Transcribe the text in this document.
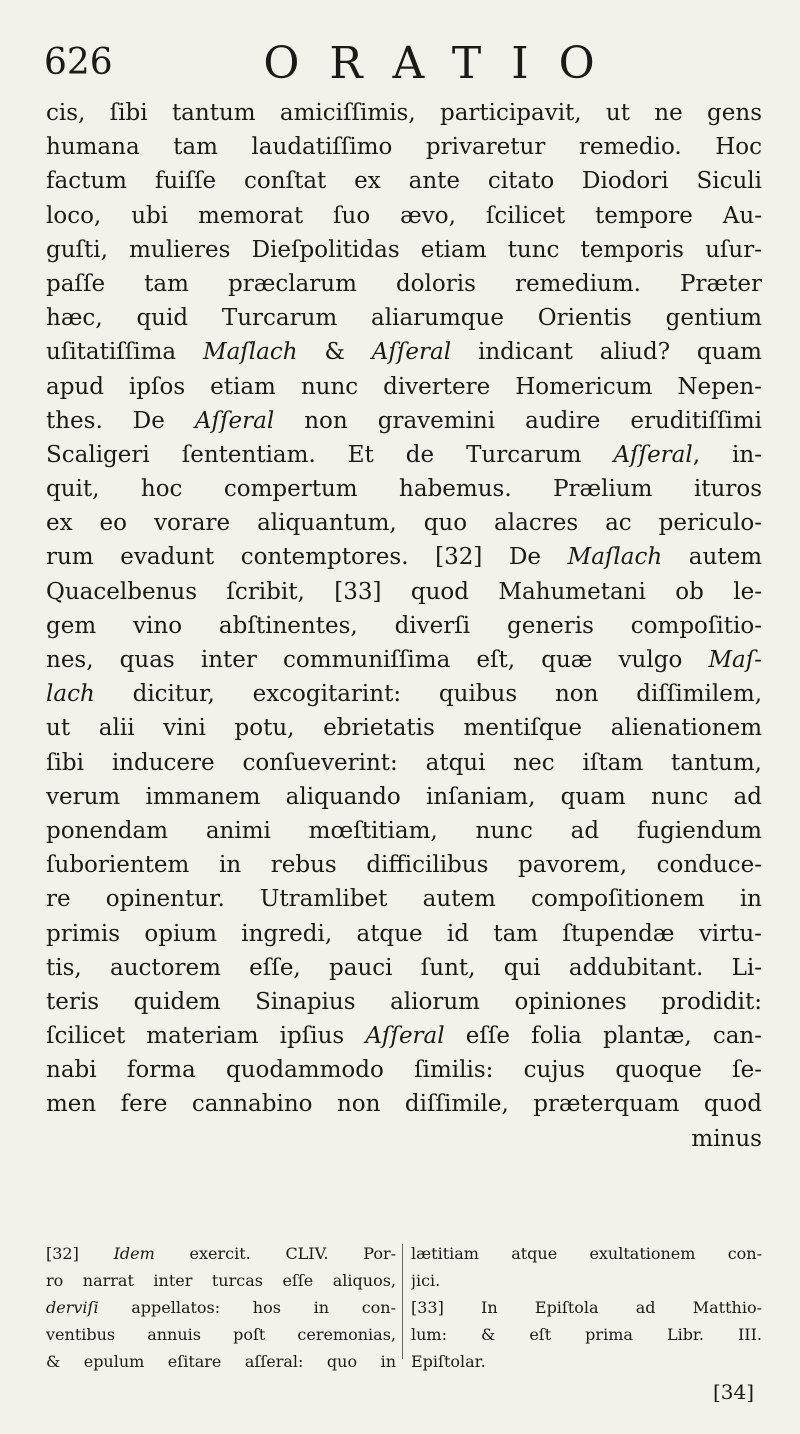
626	ORATIO
cis, ſibi tantum amiciſſimis, participavit, ut ne gens
humana tam laudatiſſimo privaretur remedio. Hoc
factum fuiſſe conſtat ex ante citato Diodori Siculi
loco, ubi memorat ſuo ævo, ſcilicet tempore Au-
guſti, mulieres Dieſpolitidas etiam tunc temporis uſur-
paſſe tam præclarum doloris remedium. Præter
hæc, quid Turcarum aliarumque Orientis gentium
uſitatiſſima Maſlach & Aſſeral indicant aliud? quam
apud ipſos etiam nunc divertere Homericum Nepen-
thes. De Aſſeral non gravemini audire eruditiſſimi
Scaligeri ſententiam. Et de Turcarum Aſſeral, in-
quit, hoc compertum habemus. Prælium ituros
ex eo vorare aliquantum, quo alacres ac periculo-
rum evadunt contemptores. [32] De Maſlach autem
Quacelbenus ſcribit, [33] quod Mahumetani ob le-
gem vino abſtinentes, diverſi generis compoſitio-
nes, quas inter communiſſima eſt, quæ vulgo Maſ-
lach dicitur, excogitarint: quibus non diſſimilem,
ut alii vini potu, ebrietatis mentiſque alienationem
ſibi inducere conſueverint: atqui nec iſtam tantum,
verum immanem aliquando inſaniam, quam nunc ad
ponendam animi mœſtitiam, nunc ad fugiendum
ſuborientem in rebus difficilibus pavorem, conduce-
re opinentur. Utramlibet autem compoſitionem in
primis opium ingredi, atque id tam ſtupendæ virtu-
tis, auctorem eſſe, pauci ſunt, qui addubitant. Li-
teris quidem Sinapius aliorum opiniones prodidit:
ſcilicet materiam ipſius Aſſeral eſſe folia plantæ, can-
nabi forma quodammodo ſimilis: cujus quoque ſe-
men fere cannabino non diſſimile, præterquam quod
minus
[32] Idem exercit. CLIV. Por-
ro narrat inter turcas eſſe aliquos,
derviſi appellatos: hos in con-
ventibus annuis poſt ceremonias,
& epulum eſitare aſſeral: quo in
lætitiam atque exultationem con-
jici.
[33] In Epiſtola ad Matthio-
lum: & eſt prima Libr. III.
Epiſtolar.
[34]
